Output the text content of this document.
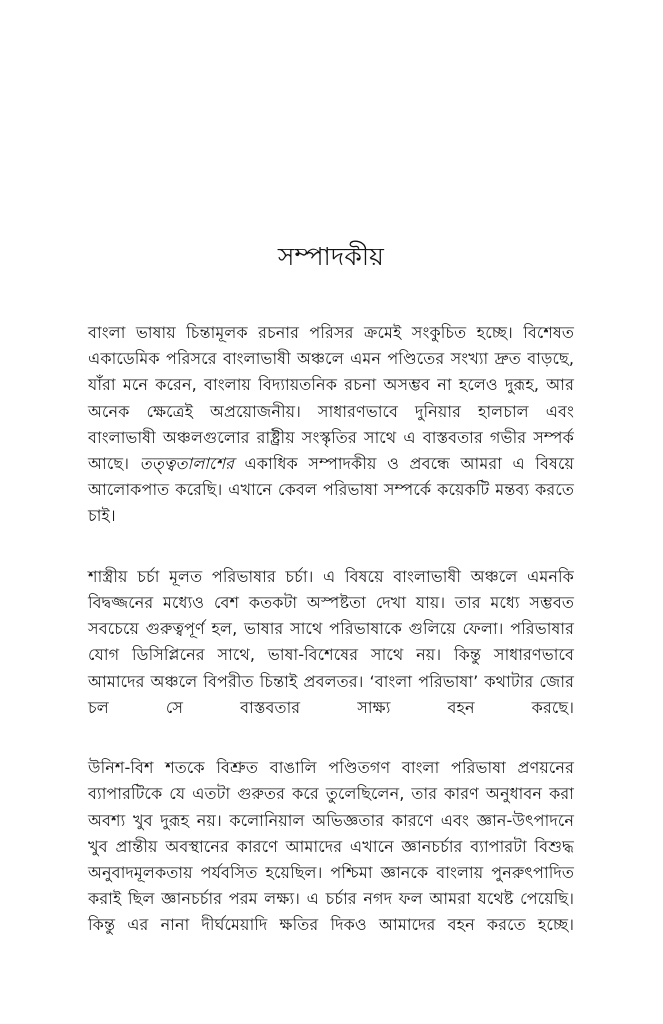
সম্পাদকীয়

বাংলা ভাষায় চিন্তামূলক রচনার পরিসর ক্রমেই সংকুচিত হচ্ছে। বিশেষত একাডেমিক পরিসরে বাংলাভাষী অঞ্চলে এমন পণ্ডিতের সংখ্যা দ্রুত বাড়ছে, যাঁরা মনে করেন, বাংলায় বিদ্যায়তনিক রচনা অসম্ভব না হলেও দুরূহ, আর অনেক ক্ষেত্রেই অপ্রয়োজনীয়। সাধারণভাবে দুনিয়ার হালচাল এবং বাংলাভাষী অঞ্চলগুলোর রাষ্ট্রীয় সংস্কৃতির সাথে এ বাস্তবতার গভীর সম্পর্ক আছে। তত্ত্বতালাশের একাধিক সম্পাদকীয় ও প্রবন্ধে আমরা এ বিষয়ে আলোকপাত করেছি। এখানে কেবল পরিভাষা সম্পর্কে কয়েকটি মন্তব্য করতে চাই।

শাস্ত্রীয় চর্চা মূলত পরিভাষার চর্চা। এ বিষয়ে বাংলাভাষী অঞ্চলে এমনকি বিদ্বজ্জনের মধ্যেও বেশ কতকটা অস্পষ্টতা দেখা যায়। তার মধ্যে সম্ভবত সবচেয়ে গুরুত্বপূর্ণ হল, ভাষার সাথে পরিভাষাকে গুলিয়ে ফেলা। পরিভাষার যোগ ডিসিপ্লিনের সাথে, ভাষা-বিশেষের সাথে নয়। কিন্তু সাধারণভাবে আমাদের অঞ্চলে বিপরীত চিন্তাই প্রবলতর। ‘বাংলা পরিভাষা’ কথাটার জোর চল সে বাস্তবতার সাক্ষ্য বহন করছে।

উনিশ-বিশ শতকে বিশ্রুত বাঙালি পণ্ডিতগণ বাংলা পরিভাষা প্রণয়নের ব্যাপারটিকে যে এতটা গুরুতর করে তুলেছিলেন, তার কারণ অনুধাবন করা অবশ্য খুব দুরূহ নয়। কলোনিয়াল অভিজ্ঞতার কারণে এবং জ্ঞান-উৎপাদনে খুব প্রান্তীয় অবস্থানের কারণে আমাদের এখানে জ্ঞানচর্চার ব্যাপারটা বিশুদ্ধ অনুবাদমূলকতায় পর্যবসিত হয়েছিল। পশ্চিমা জ্ঞানকে বাংলায় পুনরুৎপাদিত করাই ছিল জ্ঞানচর্চার পরম লক্ষ্য। এ চর্চার নগদ ফল আমরা যথেষ্ট পেয়েছি। কিন্তু এর নানা দীর্ঘমেয়াদি ক্ষতির দিকও আমাদের বহন করতে হচ্ছে।
